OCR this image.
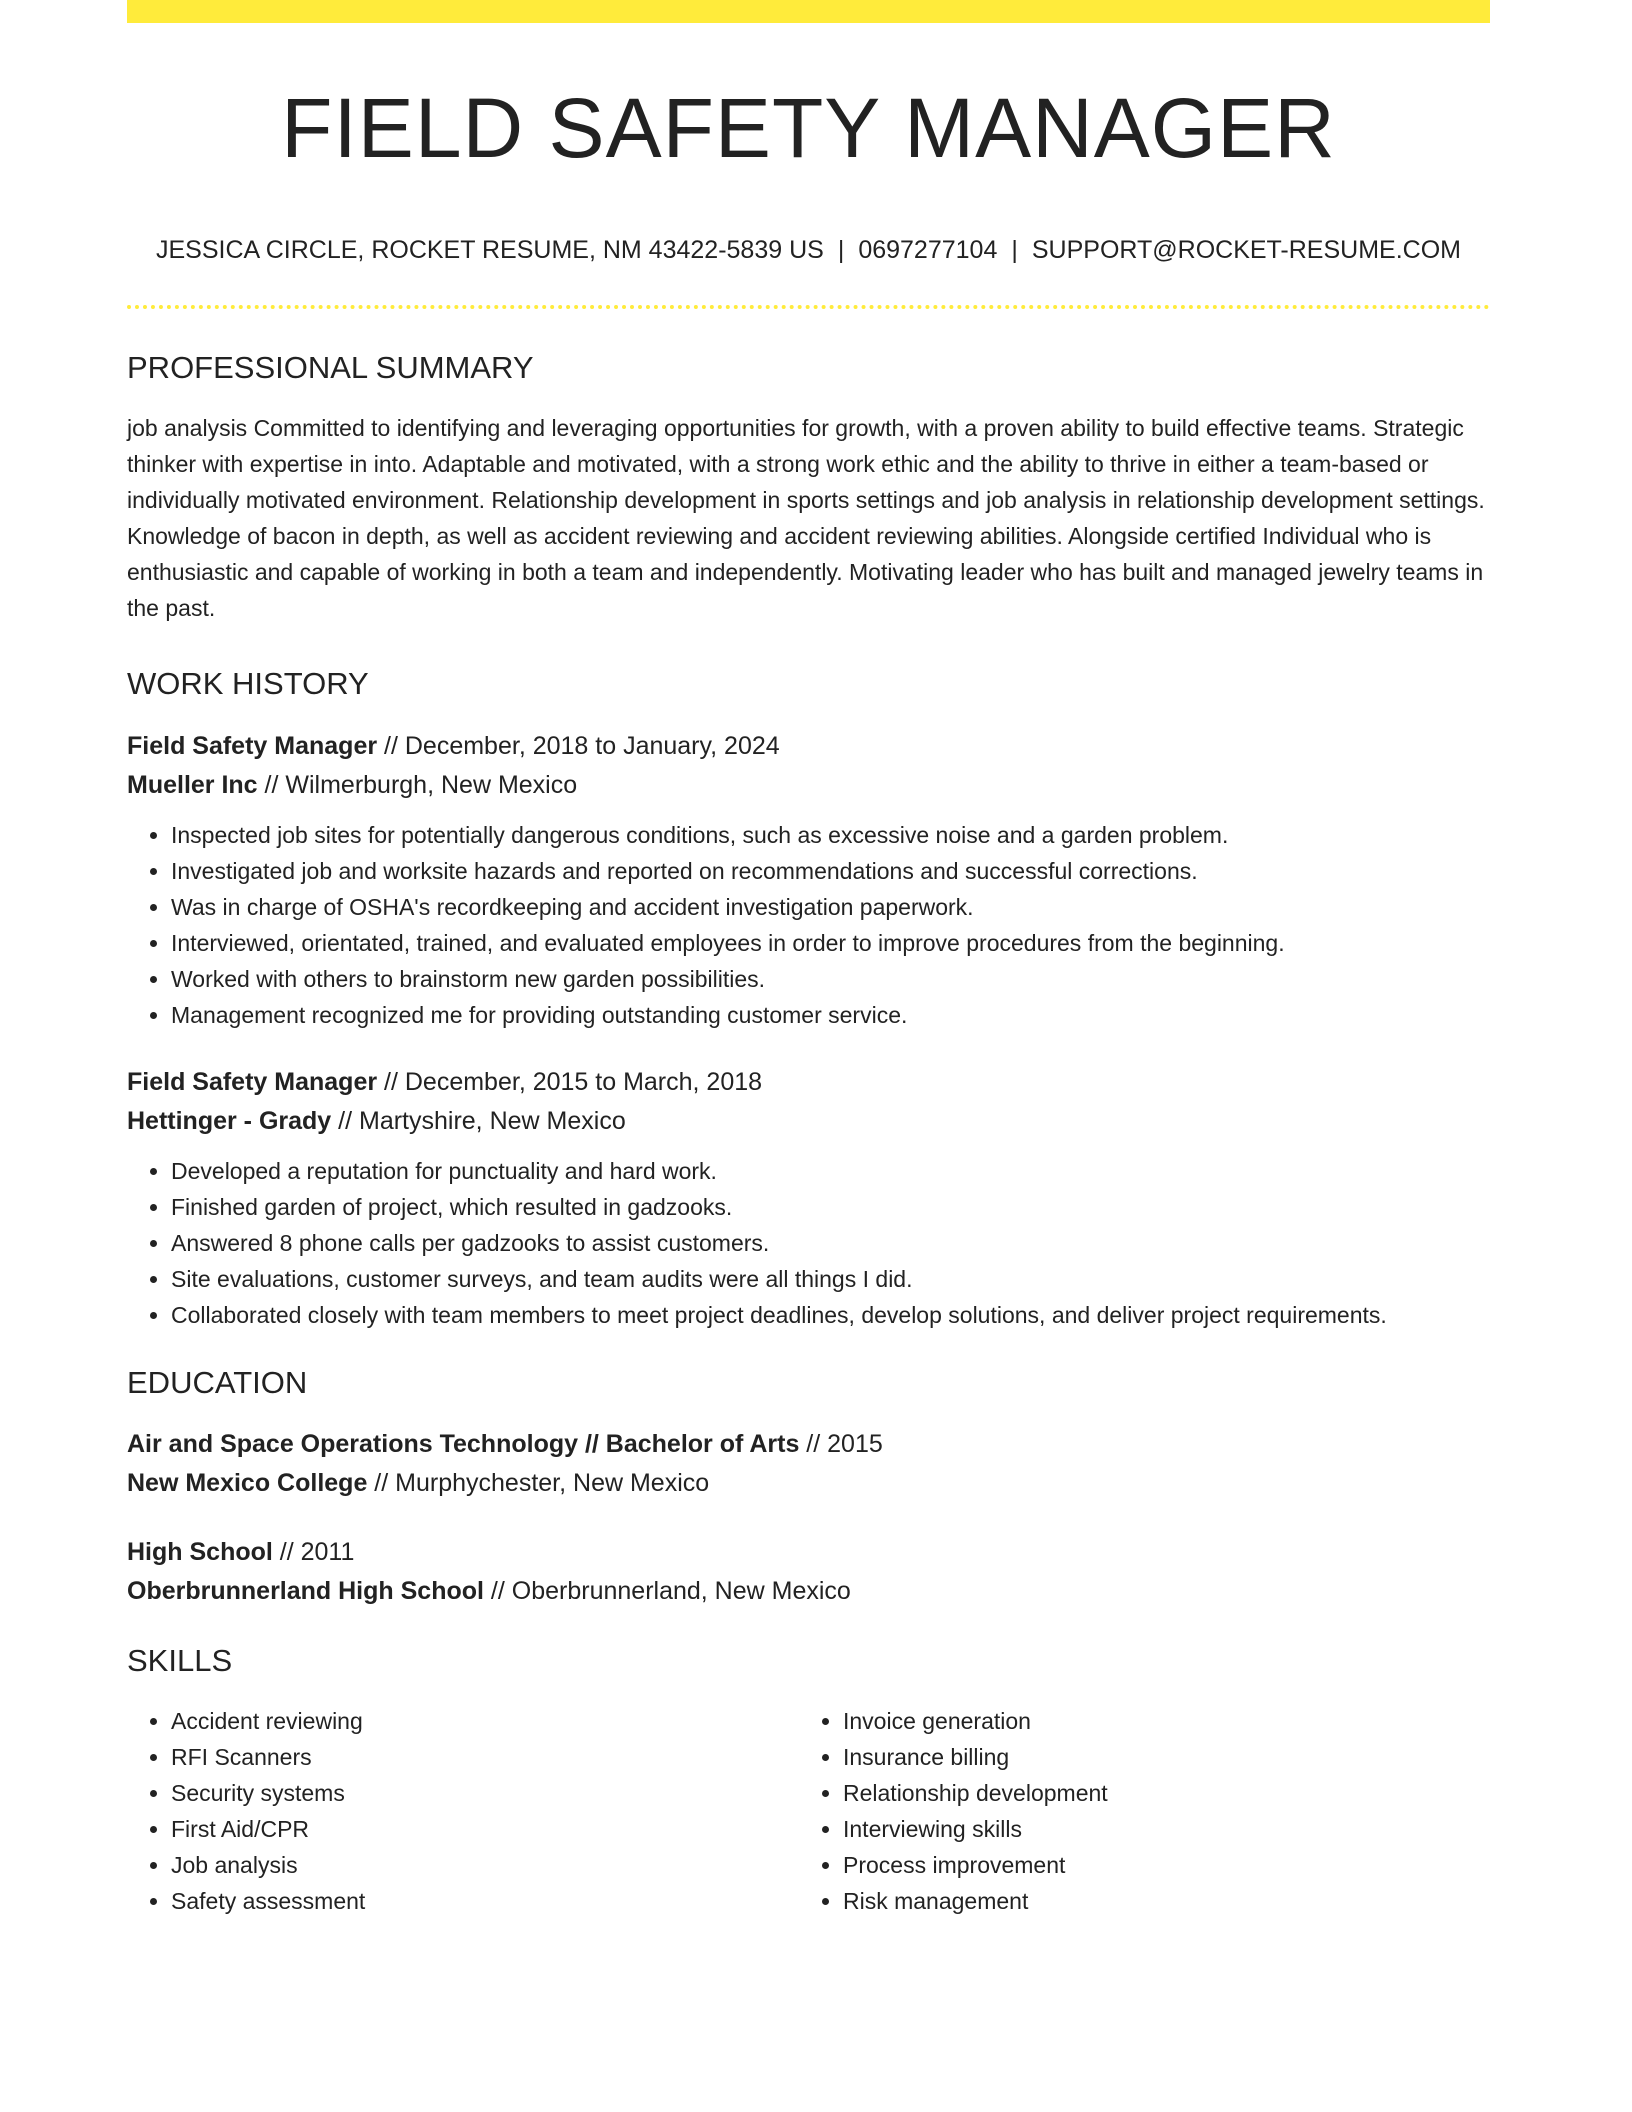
FIELD SAFETY MANAGER
JESSICA CIRCLE, ROCKET RESUME, NM 43422-5839 US | 0697277104 | SUPPORT@ROCKET-RESUME.COM
PROFESSIONAL SUMMARY

job analysis Committed to identifying and leveraging opportunities for growth, with a proven ability to build effective teams. Strategic thinker with expertise in into. Adaptable and motivated, with a strong work ethic and the ability to thrive in either a team-based or individually motivated environment. Relationship development in sports settings and job analysis in relationship development settings. Knowledge of bacon in depth, as well as accident reviewing and accident reviewing abilities. Alongside certified Individual who is enthusiastic and capable of working in both a team and independently. Motivating leader who has built and managed jewelry teams in the past.

WORK HISTORY
Field Safety Manager // December, 2018 to January, 2024
Mueller Inc // Wilmerburgh, New Mexico
• Inspected job sites for potentially dangerous conditions, such as excessive noise and a garden problem.
• Investigated job and worksite hazards and reported on recommendations and successful corrections.
• Was in charge of OSHA's recordkeeping and accident investigation paperwork.
• Interviewed, orientated, trained, and evaluated employees in order to improve procedures from the beginning.
• Worked with others to brainstorm new garden possibilities.
• Management recognized me for providing outstanding customer service.
Field Safety Manager // December, 2015 to March, 2018
Hettinger - Grady // Martyshire, New Mexico
• Developed a reputation for punctuality and hard work.
• Finished garden of project, which resulted in gadzooks.
• Answered 8 phone calls per gadzooks to assist customers.
• Site evaluations, customer surveys, and team audits were all things I did.
• Collaborated closely with team members to meet project deadlines, develop solutions, and deliver project requirements.
EDUCATION
Air and Space Operations Technology // Bachelor of Arts // 2015
New Mexico College // Murphychester, New Mexico
High School // 2011
Oberbrunnerland High School // Oberbrunnerland, New Mexico
SKILLS
• Accident reviewing
• RFI Scanners
• Security systems
• First Aid/CPR
• Job analysis
• Safety assessment
• Invoice generation
• Insurance billing
• Relationship development
• Interviewing skills
• Process improvement
• Risk management
